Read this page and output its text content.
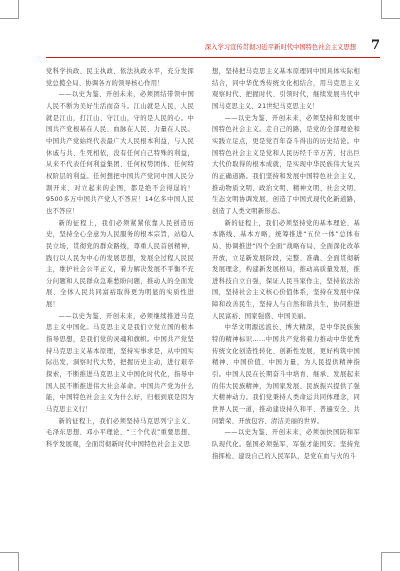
深入学习宣传贯彻习近平新时代中国特色社会主义思想 7

党科学执政、民主执政、依法执政水平，充分发挥党总揽全局、协调各方的领导核心作用！

——以史为鉴、开创未来，必须团结带领中国人民不断为美好生活而奋斗。江山就是人民，人民就是江山，打江山、守江山，守的是人民的心。中国共产党根基在人民、血脉在人民、力量在人民。中国共产党始终代表最广大人民根本利益，与人民休戚与共、生死相依，没有任何自己特殊的利益，从来不代表任何利益集团、任何权势团体、任何特权阶层的利益。任何想把中国共产党同中国人民分割开来、对立起来的企图，都是绝不会得逞的！9500多万中国共产党人不答应！14亿多中国人民也不答应！

新的征程上，我们必须紧紧依靠人民创造历史，坚持全心全意为人民服务的根本宗旨，站稳人民立场，贯彻党的群众路线，尊重人民首创精神，践行以人民为中心的发展思想，发展全过程人民民主，维护社会公平正义，着力解决发展不平衡不充分问题和人民群众急难愁盼问题，推动人的全面发展、全体人民共同富裕取得更为明显的实质性进展！

——以史为鉴、开创未来，必须继续推进马克思主义中国化。马克思主义是我们立党立国的根本指导思想，是我们党的灵魂和旗帜。中国共产党坚持马克思主义基本原理，坚持实事求是，从中国实际出发，洞察时代大势，把握历史主动，进行艰辛探索，不断推进马克思主义中国化时代化，指导中国人民不断推进伟大社会革命。中国共产党为什么能，中国特色社会主义为什么好，归根到底是因为马克思主义行！

新的征程上，我们必须坚持马克思列宁主义、毛泽东思想、邓小平理论、“三个代表”重要思想、科学发展观，全面贯彻新时代中国特色社会主义思

想，坚持把马克思主义基本原理同中国具体实际相结合，同中华优秀传统文化相结合，用马克思主义观察时代、把握时代、引领时代，继续发展当代中国马克思主义、21世纪马克思主义！

——以史为鉴、开创未来，必须坚持和发展中国特色社会主义。走自己的路，是党的全部理论和实践立足点，更是党百年奋斗得出的历史结论。中国特色社会主义是党和人民历经千辛万苦、付出巨大代价取得的根本成就，是实现中华民族伟大复兴的正确道路。我们坚持和发展中国特色社会主义，推动物质文明、政治文明、精神文明、社会文明、生态文明协调发展，创造了中国式现代化新道路，创造了人类文明新形态。

新的征程上，我们必须坚持党的基本理论、基本路线、基本方略，统筹推进“五位一体”总体布局、协调推进“四个全面”战略布局，全面深化改革开放，立足新发展阶段，完整、准确、全面贯彻新发展理念，构建新发展格局，推动高质量发展，推进科技自立自强，保证人民当家作主，坚持依法治国，坚持社会主义核心价值体系，坚持在发展中保障和改善民生，坚持人与自然和谐共生，协同推进人民富裕、国家强盛、中国美丽。

中华文明源远流长、博大精深，是中华民族独特的精神标识……中国共产党将着力推动中华优秀传统文化创造性转化、创新性发展，更好构筑中国精神、中国价值、中国力量，为人民提供精神指引。中国人民在长期奋斗中培育、继承、发展起来的伟大民族精神，为国家发展、民族振兴提供了强大精神动力。我们党秉持人类命运共同体理念，同世界人民一道，推动建设持久和平、普遍安全、共同繁荣、开放包容、清洁美丽的世界。

——以史为鉴、开创未来，必须加快国防和军队现代化。强国必须强军，军强才能国安。坚持党指挥枪、建设自己的人民军队，是党在血与火的斗
